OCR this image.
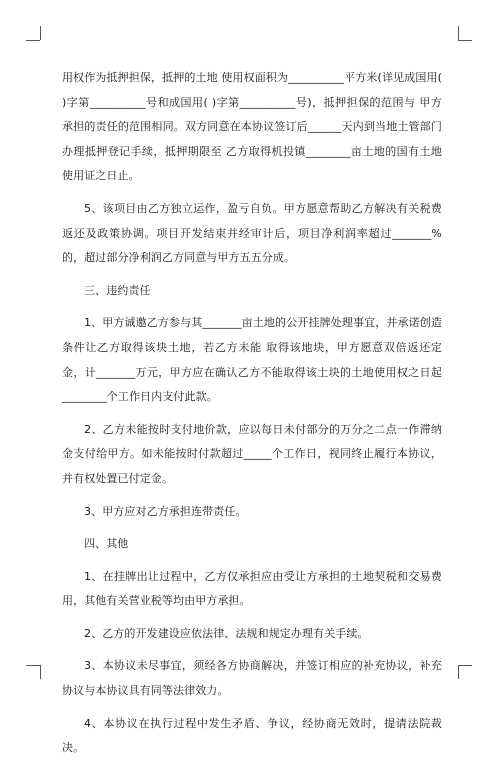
用权作为抵押担保，抵押的土地 使用权面积为__________平方米(详见成国用( )字第__________号和成国用( )字第__________号)，抵押担保的范围与 甲方承担的责任的范围相同。双方同意在本协议签订后______天内到当地土管部门办理抵押登记手续，抵押期限至 乙方取得机投镇________亩土地的国有土地使用证之日止。

5、该项目由乙方独立运作，盈亏自负。甲方愿意帮助乙方解决有关税费返还及政策协调。项目开发结束并经审计后，项目净利润率超过_______%的，超过部分净利润乙方同意与甲方五五分成。

三、违约责任

1、甲方诚邀乙方参与其_______亩土地的公开挂牌处理事宜，并承诺创造条件让乙方取得该块土地，若乙方未能 取得该地块，甲方愿意双倍返还定金，计_______万元，甲方应在确认乙方不能取得该土块的土地使用权之日起________个工作日内支付此款。

2、乙方未能按时支付地价款，应以每日未付部分的万分之二点一作滞纳金支付给甲方。如未能按时付款超过_____个工作日，视同终止履行本协议，并有权处置已付定金。

3、甲方应对乙方承担连带责任。

四、其他

1、在挂牌出让过程中，乙方仅承担应由受让方承担的土地契税和交易费用，其他有关营业税等均由甲方承担。

2、乙方的开发建设应依法律、法规和规定办理有关手续。

3、本协议未尽事宜，须经各方协商解决，并签订相应的补充协议，补充协议与本协议具有同等法律效力。

4、本协议在执行过程中发生矛盾、争议，经协商无效时，提请法院裁决。
